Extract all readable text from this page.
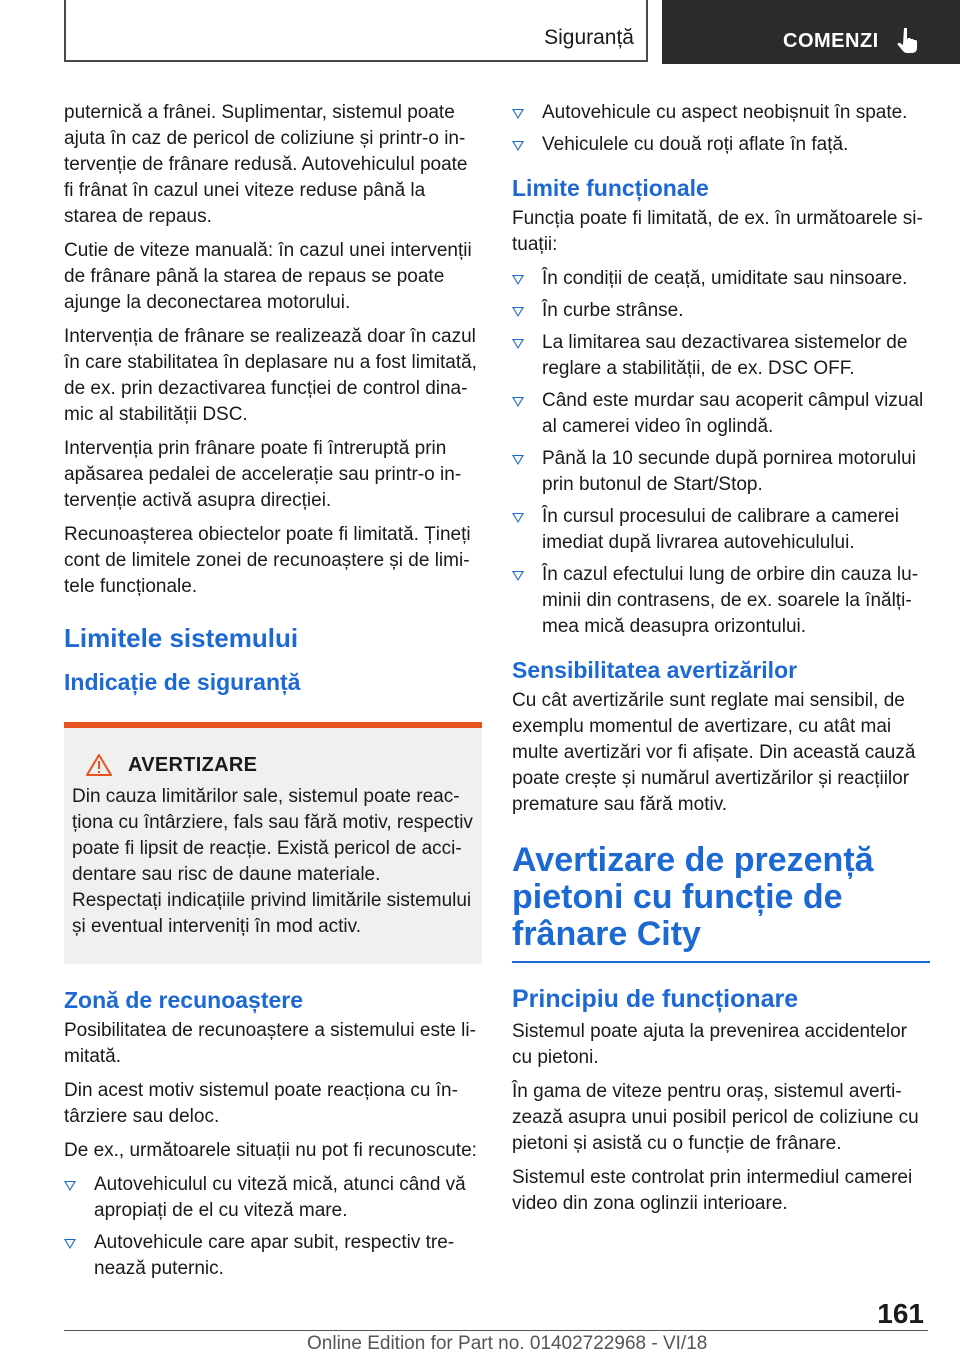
Siguranță	COMENZI

puternică a frânei. Suplimentar, sistemul poate ajuta în caz de pericol de coliziune și printr-o intervenție de frânare redusă. Autovehiculul poate fi frânat în cazul unei viteze reduse până la starea de repaus.

Cutie de viteze manuală: în cazul unei intervenții de frânare până la starea de repaus se poate ajunge la deconectarea motorului.

Intervenția de frânare se realizează doar în cazul în care stabilitatea în deplasare nu a fost limitată, de ex. prin dezactivarea funcției de control dinamic al stabilității DSC.

Intervenția prin frânare poate fi întreruptă prin apăsarea pedalei de accelerație sau printr-o intervenție activă asupra direcției.

Recunoașterea obiectelor poate fi limitată. Țineți cont de limitele zonei de recunoaștere și de limitele funcționale.

Limitele sistemului
Indicație de siguranță
AVERTIZARE

Din cauza limitărilor sale, sistemul poate reacționa cu întârziere, fals sau fără motiv, respectiv poate fi lipsit de reacție. Există pericol de accidentare sau risc de daune materiale. Respectați indicațiile privind limitările sistemului și eventual interveniți în mod activ.

Zonă de recunoaștere

Posibilitatea de recunoaștere a sistemului este limitată.

Din acest motiv sistemul poate reacționa cu întârziere sau deloc.

De ex., următoarele situații nu pot fi recunoscute:

Autovehiculul cu viteză mică, atunci când vă apropiați de el cu viteză mare.
Autovehicule care apar subit, respectiv trenează puternic.
Autovehicule cu aspect neobișnuit în spate.
Vehiculele cu două roți aflate în față.
Limite funcționale

Funcția poate fi limitată, de ex. în următoarele situații:

În condiții de ceață, umiditate sau ninsoare.
În curbe strânse.
La limitarea sau dezactivarea sistemelor de reglare a stabilității, de ex. DSC OFF.
Când este murdar sau acoperit câmpul vizual al camerei video în oglindă.
Până la 10 secunde după pornirea motorului prin butonul de Start/Stop.
În cursul procesului de calibrare a camerei imediat după livrarea autovehiculului.
În cazul efectului lung de orbire din cauza luminii din contrasens, de ex. soarele la înălțimea mică deasupra orizontului.
Sensibilitatea avertizărilor

Cu cât avertizările sunt reglate mai sensibil, de exemplu momentul de avertizare, cu atât mai multe avertizări vor fi afișate. Din această cauză poate crește și numărul avertizărilor și reacțiilor premature sau fără motiv.

Avertizare de prezență
pietoni cu funcție de
frânare City
Principiu de funcționare

Sistemul poate ajuta la prevenirea accidentelor cu pietoni.

În gama de viteze pentru oraș, sistemul avertizează asupra unui posibil pericol de coliziune cu pietoni și asistă cu o funcție de frânare.

Sistemul este controlat prin intermediul camerei video din zona oglinzii interioare.

161
Online Edition for Part no. 01402722968 - VI/18
